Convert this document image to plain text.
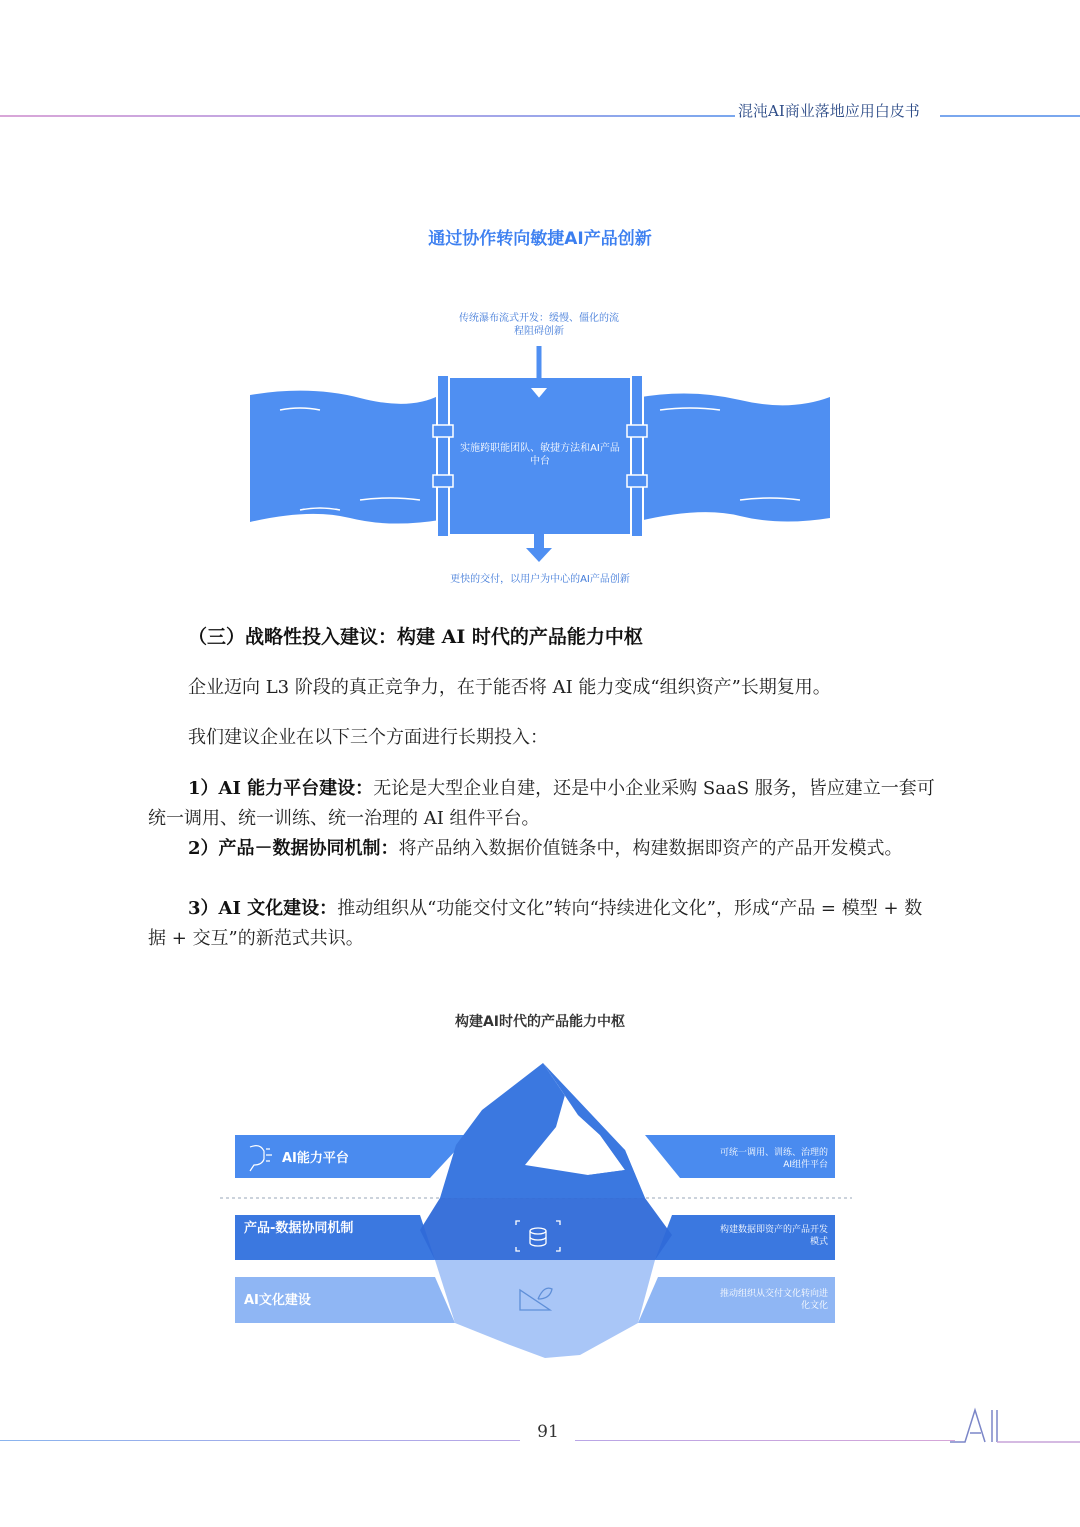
混沌AI商业落地应用白皮书
通过协作转向敏捷AI产品创新
传统瀑布流式开发：缓慢、僵化的流程阻碍创新
实施跨职能团队、敏捷方法和AI产品中台
更快的交付，以用户为中心的AI产品创新
（三）战略性投入建议：构建 AI 时代的产品能力中枢
企业迈向 L3 阶段的真正竞争力，在于能否将 AI 能力变成“组织资产”长期复用。
我们建议企业在以下三个方面进行长期投入：
1）AI 能力平台建设：无论是大型企业自建，还是中小企业采购 SaaS 服务，皆应建立一套可统一调用、统一训练、统一治理的 AI 组件平台。
2）产品－数据协同机制：将产品纳入数据价值链条中，构建数据即资产的产品开发模式。
3）AI 文化建设：推动组织从“功能交付文化”转向“持续进化文化”，形成“产品 = 模型 + 数据 + 交互”的新范式共识。
构建AI时代的产品能力中枢
AI能力平台
产品-数据协同机制
AI文化建设
可统一调用、训练、治理的AI组件平台
构建数据即资产的产品开发模式
推动组织从交付文化转向进化文化
91
